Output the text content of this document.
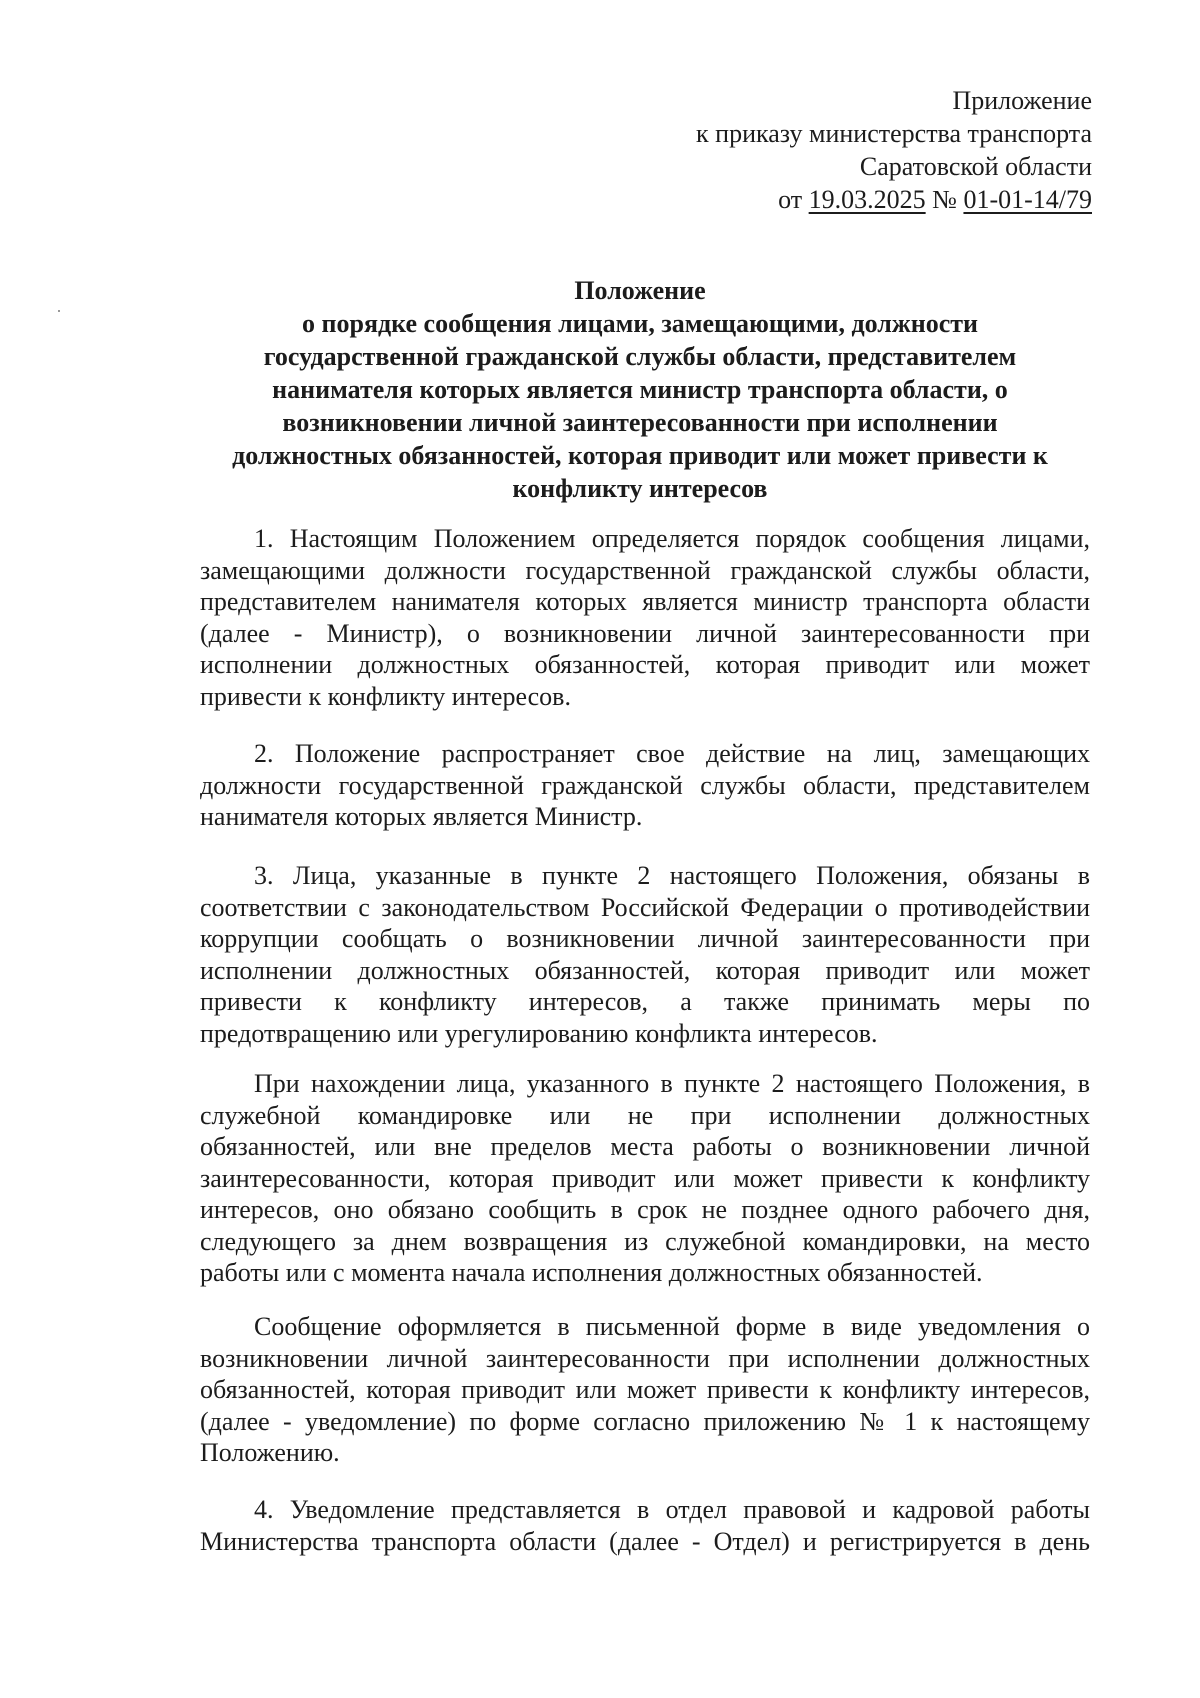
Приложение
к приказу министерства транспорта
Саратовской области
от 19.03.2025 № 01-01-14/79
Положение
о порядке сообщения лицами, замещающими, должности
государственной гражданской службы области, представителем
нанимателя которых является министр транспорта области, о
возникновении личной заинтересованности при исполнении
должностных обязанностей, которая приводит или может привести к
конфликту интересов
1. Настоящим Положением определяется порядок сообщения лицами,
замещающими должности государственной гражданской службы области,
представителем нанимателя которых является министр транспорта области
(далее - Министр), о возникновении личной заинтересованности при
исполнении должностных обязанностей, которая приводит или может
привести к конфликту интересов.
2. Положение распространяет свое действие на лиц, замещающих
должности государственной гражданской службы области, представителем
нанимателя которых является Министр.
3. Лица, указанные в пункте 2 настоящего Положения, обязаны в
соответствии с законодательством Российской Федерации о противодействии
коррупции сообщать о возникновении личной заинтересованности при
исполнении должностных обязанностей, которая приводит или может
привести к конфликту интересов, а также принимать меры по
предотвращению или урегулированию конфликта интересов.
При нахождении лица, указанного в пункте 2 настоящего Положения, в
служебной командировке или не при исполнении должностных
обязанностей, или вне пределов места работы о возникновении личной
заинтересованности, которая приводит или может привести к конфликту
интересов, оно обязано сообщить в срок не позднее одного рабочего дня,
следующего за днем возвращения из служебной командировки, на место
работы или с момента начала исполнения должностных обязанностей.
Сообщение оформляется в письменной форме в виде уведомления о
возникновении личной заинтересованности при исполнении должностных
обязанностей, которая приводит или может привести к конфликту интересов,
(далее - уведомление) по форме согласно приложению № 1 к настоящему
Положению.
4. Уведомление представляется в отдел правовой и кадровой работы
Министерства транспорта области (далее - Отдел) и регистрируется в день
